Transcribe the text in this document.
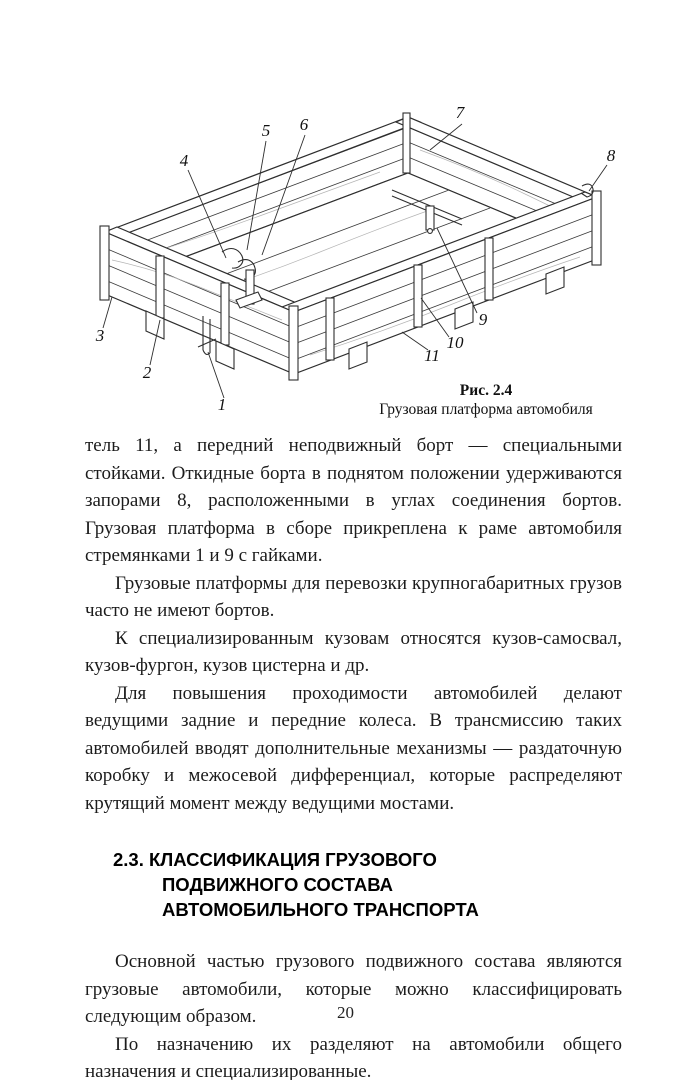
7
6
5
4	8
3
2
1
11
10
9
Рис. 2.4
Грузовая платформа автомобиля

тель 11, а передний неподвижный борт — специальными стойками. Откидные борта в поднятом положении удерживаются запорами 8, расположенными в углах соединения бортов. Грузовая платформа в сборе прикреплена к раме автомобиля стремянками 1 и 9 с гайками.

Грузовые платформы для перевозки крупногабаритных грузов часто не имеют бортов.

К специализированным кузовам относятся кузов-самосвал, кузов-фургон, кузов цистерна и др.

Для повышения проходимости автомобилей делают ведущими задние и передние колеса. В трансмиссию таких автомобилей вводят дополнительные механизмы — раздаточную коробку и межосевой дифференциал, которые распределяют крутящий момент между ведущими мостами.

2.3. КЛАССИФИКАЦИЯ ГРУЗОВОГО
ПОДВИЖНОГО СОСТАВА
АВТОМОБИЛЬНОГО ТРАНСПОРТА

Основной частью грузового подвижного состава являются грузовые автомобили, которые можно классифицировать следующим образом.

По назначению их разделяют на автомобили общего назначения и специализированные.

20
